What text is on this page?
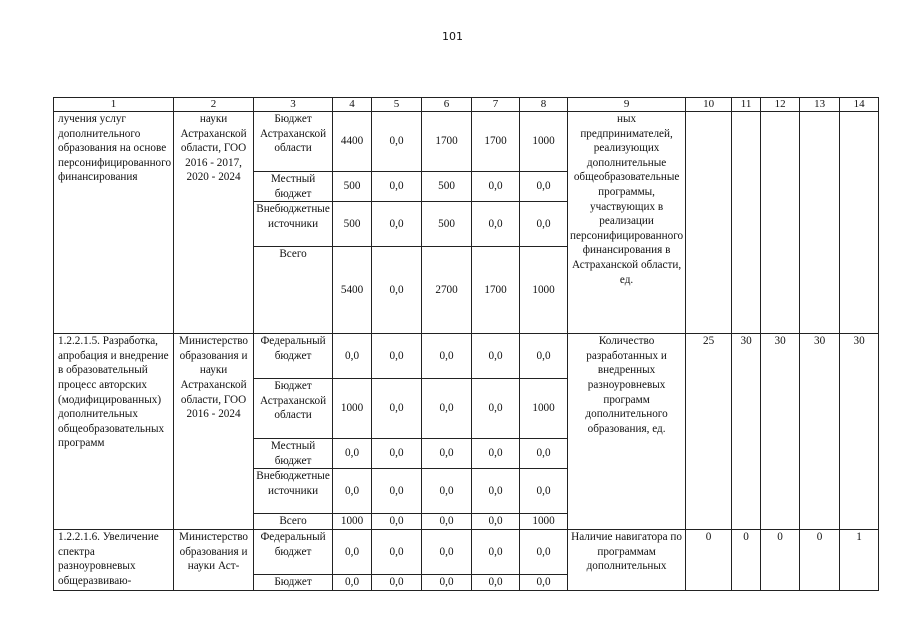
101
1	2	3	4	5	6	7	8	9	10	11	12	13	14
лучения услуг дополнительного образования на основе персонифицированного финансирования	науки Астраханской области, ГОО 2016 - 2017, 2020 - 2024	Бюджет Астраханской области	4400	0,0	1700	1700	1000	ных предпринимателей, реализующих дополнительные общеобразовательные программы, участвующих в реализации персонифицированного финансирования в Астраханской области, ед.					
		Местный бюджет	500	0,0	500	0,0	0,0						
		Внебюджетные источники	500	0,0	500	0,0	0,0						
		Всего	5400	0,0	2700	1700	1000						
1.2.2.1.5. Разработка, апробация и внедрение в образовательный процесс авторских (модифицированных) дополнительных общеобразовательных программ	Министерство образования и науки Астраханской области, ГОО 2016 - 2024	Федеральный бюджет	0,0	0,0	0,0	0,0	0,0	Количество разработанных и внедренных разноуровневых программ дополнительного образования, ед.	25	30	30	30	30
		Бюджет Астраханской области	1000	0,0	0,0	0,0	1000						
		Местный бюджет	0,0	0,0	0,0	0,0	0,0						
		Внебюджетные источники	0,0	0,0	0,0	0,0	0,0						
		Всего	1000	0,0	0,0	0,0	1000						
1.2.2.1.6. Увеличение спектра разноуровневых общеразвиваю-	Министерство образования и науки Аст-	Федеральный бюджет	0,0	0,0	0,0	0,0	0,0	Наличие навигатора по программам дополнительных	0	0	0	0	1
		Бюджет	0,0	0,0	0,0	0,0	0,0						
